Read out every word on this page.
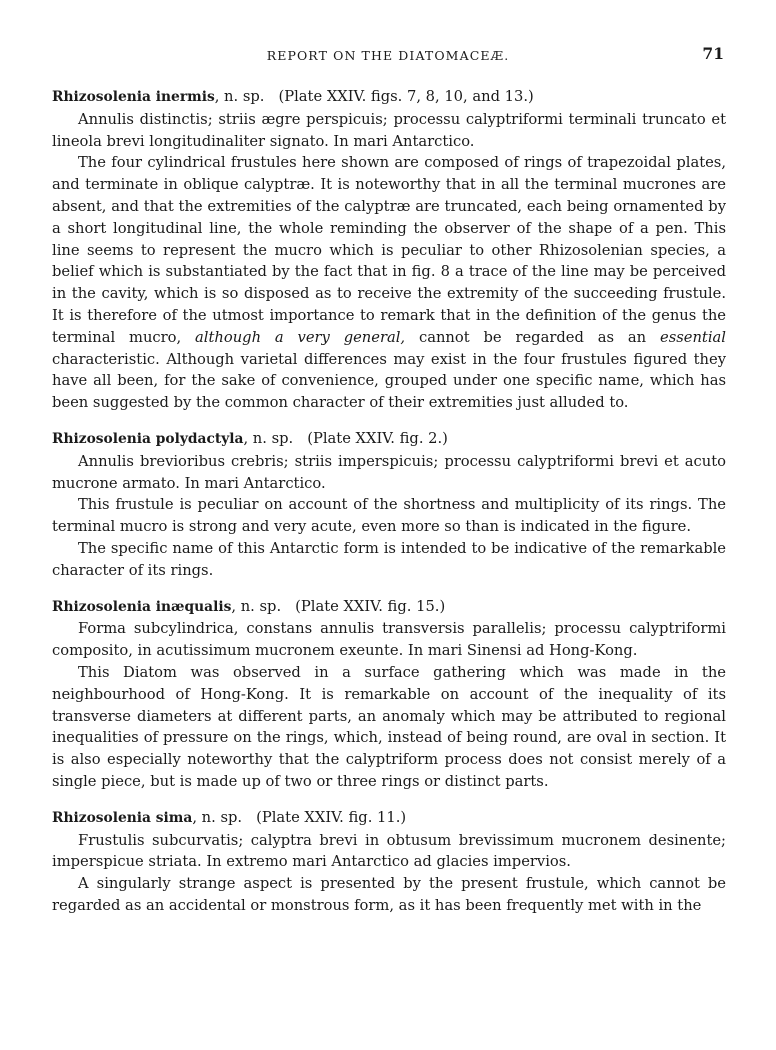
REPORT ON THE DIATOMACEÆ.	71

Rhizosolenia inermis, n. sp. (Plate XXIV. figs. 7, 8, 10, and 13.)

Annulis distinctis; striis ægre perspicuis; processu calyptriformi terminali truncato et lineola brevi longitudinaliter signato. In mari Antarctico.

The four cylindrical frustules here shown are composed of rings of trapezoidal plates, and terminate in oblique calyptræ. It is noteworthy that in all the terminal mucrones are absent, and that the extremities of the calyptræ are truncated, each being ornamented by a short longitudinal line, the whole reminding the observer of the shape of a pen. This line seems to represent the mucro which is peculiar to other Rhizosolenian species, a belief which is substantiated by the fact that in fig. 8 a trace of the line may be perceived in the cavity, which is so disposed as to receive the extremity of the succeeding frustule. It is therefore of the utmost importance to remark that in the definition of the genus the terminal mucro, although a very general, cannot be regarded as an essential characteristic. Although varietal differences may exist in the four frustules figured they have all been, for the sake of convenience, grouped under one specific name, which has been suggested by the common character of their extremities just alluded to.

Rhizosolenia polydactyla, n. sp. (Plate XXIV. fig. 2.)

Annulis brevioribus crebris; striis imperspicuis; processu calyptriformi brevi et acuto mucrone armato. In mari Antarctico.

This frustule is peculiar on account of the shortness and multiplicity of its rings. The terminal mucro is strong and very acute, even more so than is indicated in the figure.

The specific name of this Antarctic form is intended to be indicative of the remarkable character of its rings.

Rhizosolenia inæqualis, n. sp. (Plate XXIV. fig. 15.)

Forma subcylindrica, constans annulis transversis parallelis; processu calyptriformi composito, in acutissimum mucronem exeunte. In mari Sinensi ad Hong-Kong.

This Diatom was observed in a surface gathering which was made in the neighbourhood of Hong-Kong. It is remarkable on account of the inequality of its transverse diameters at different parts, an anomaly which may be attributed to regional inequalities of pressure on the rings, which, instead of being round, are oval in section. It is also especially noteworthy that the calyptriform process does not consist merely of a single piece, but is made up of two or three rings or distinct parts.

Rhizosolenia sima, n. sp. (Plate XXIV. fig. 11.)

Frustulis subcurvatis; calyptra brevi in obtusum brevissimum mucronem desinente; imperspicue striata. In extremo mari Antarctico ad glacies impervios.

A singularly strange aspect is presented by the present frustule, which cannot be regarded as an accidental or monstrous form, as it has been frequently met with in the
